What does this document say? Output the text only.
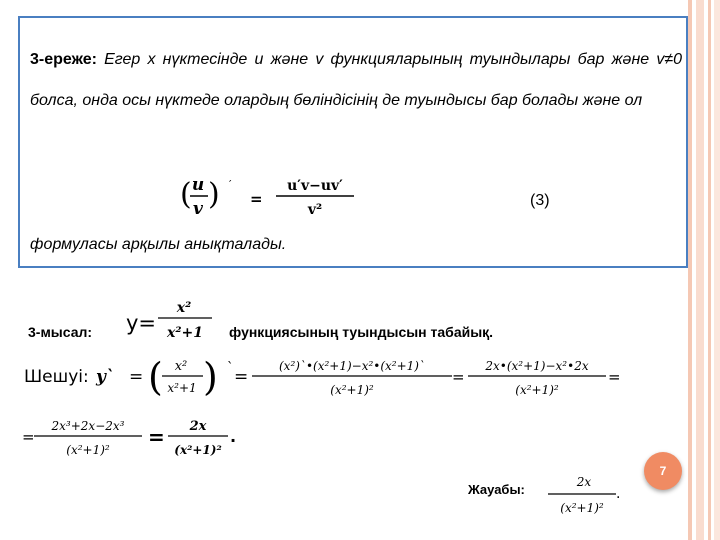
3-ереже: Егер x нүктесінде u және v функцияларының туындылары бар және v≠0 болса, онда осы нүктеде олардың бөліндісінің де туындысы бар болады және ол
( u
v ) ′
=
u′v−uv′
v²
(3)
формуласы арқылы анықталады.
3-мысал: y=
x²
x²+1 функциясының туындысын табайық.
Шешуі: y` = ( x²
x²+1 ) ` =
(x²)`•(x²+1)−x²•(x²+1)`
(x²+1)²
=
2x•(x²+1)−x²•2x
(x²+1)²
=
=
2x³+2x−2x³
(x²+1)²
= 2x
(x²+1)²
.
Жауабы:	2x
(x²+1)²
.
7
